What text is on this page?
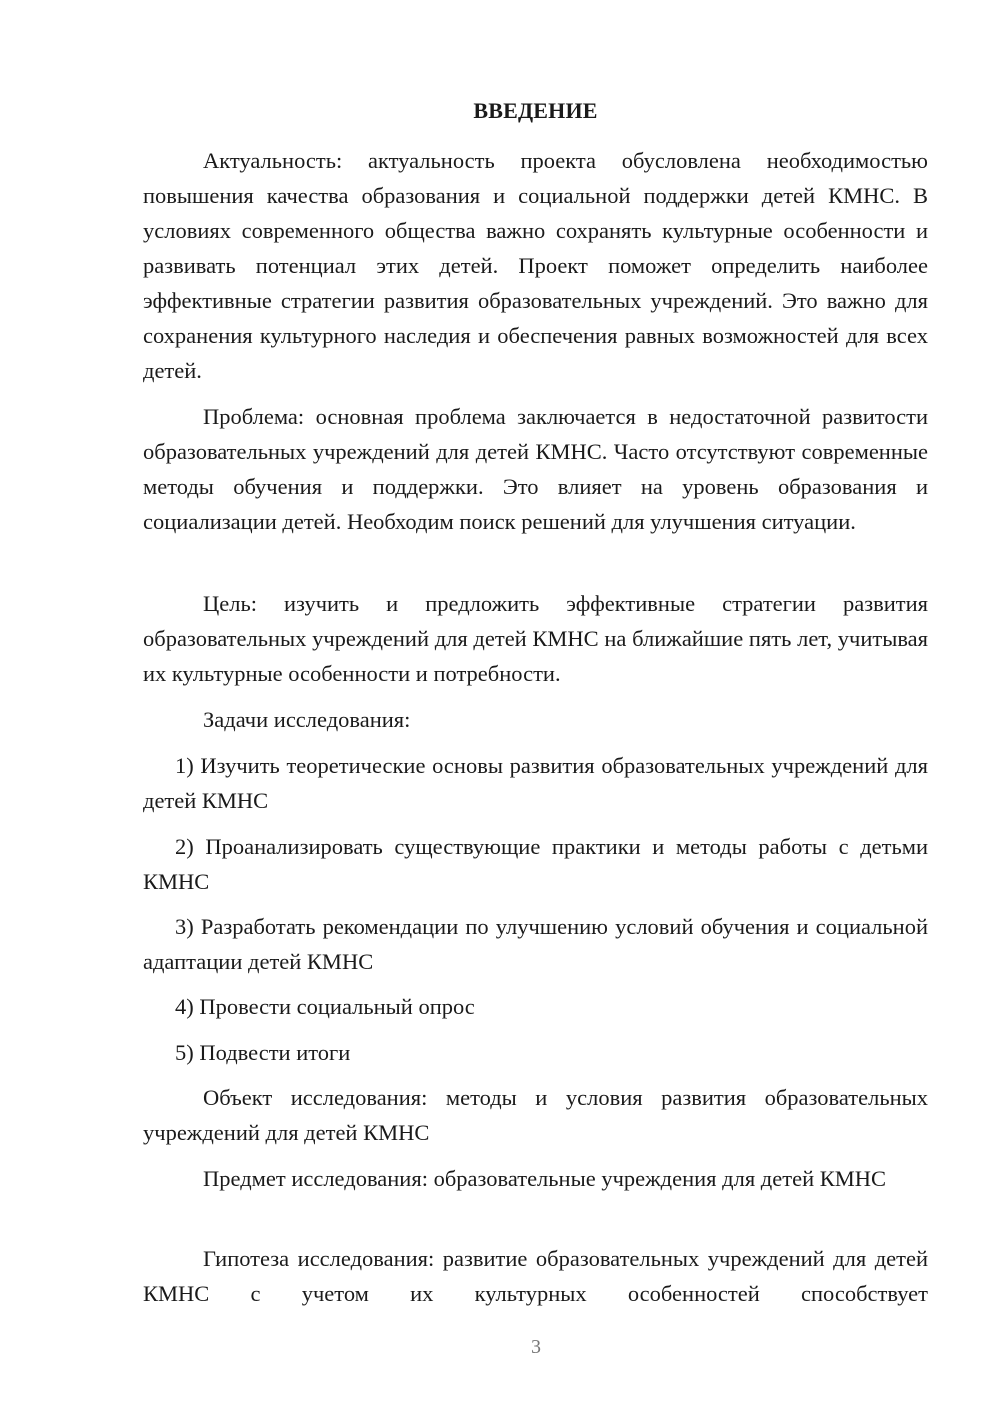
ВВЕДЕНИЕ

Актуальность: актуальность проекта обусловлена необходимостью повышения качества образования и социальной поддержки детей КМНС. В условиях современного общества важно сохранять культурные особенности и развивать потенциал этих детей. Проект поможет определить наиболее эффективные стратегии развития образовательных учреждений. Это важно для сохранения культурного наследия и обеспечения равных возможностей для всех детей.

Проблема: основная проблема заключается в недостаточной развитости образовательных учреждений для детей КМНС. Часто отсутствуют современные методы обучения и поддержки. Это влияет на уровень образования и социализации детей. Необходим поиск решений для улучшения ситуации.

Цель: изучить и предложить эффективные стратегии развития образовательных учреждений для детей КМНС на ближайшие пять лет, учитывая их культурные особенности и потребности.

Задачи исследования:

1) Изучить теоретические основы развития образовательных учреждений для детей КМНС

2) Проанализировать существующие практики и методы работы с детьми КМНС

3) Разработать рекомендации по улучшению условий обучения и социальной адаптации детей КМНС

4) Провести социальный опрос

5) Подвести итоги

Объект исследования: методы и условия развития образовательных учреждений для детей КМНС

Предмет исследования: образовательные учреждения для детей КМНС

Гипотеза исследования: развитие образовательных учреждений для детей КМНС с учетом их культурных особенностей способствует

3
